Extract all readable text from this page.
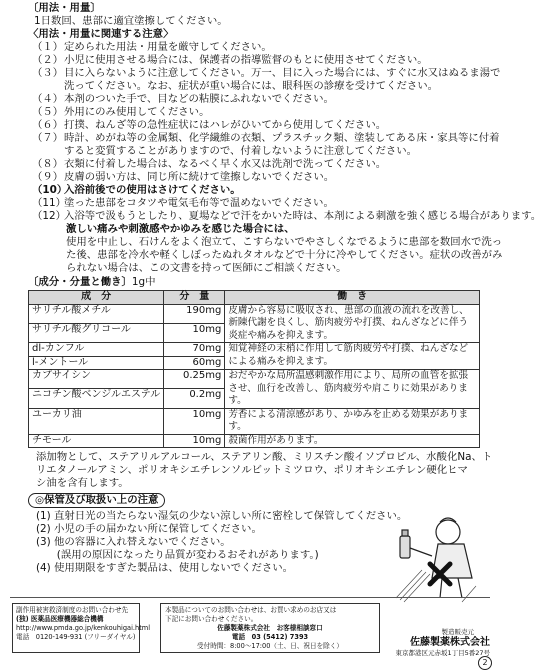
〔用法・用量〕
1日数回、患部に適宜塗擦してください。
〈用法・用量に関連する注意〉
（１）定められた用法・用量を厳守してください。
（２）小児に使用させる場合には、保護者の指導監督のもとに使用させてください。
（３）目に入らないように注意してください。万一、目に入った場合には、すぐに水又はぬるま湯で
洗ってください。なお、症状が重い場合には、眼科医の診療を受けてください。
（４）本剤のついた手で、目などの粘膜にふれないでください。
（５）外用にのみ使用してください。
（６）打撲、ねんざ等の急性症状にはハレがひいてから使用してください。
（７）時計、めがね等の金属類、化学繊維の衣類、プラスチック類、塗装してある床・家具等に付着
すると変質することがありますので、付着しないように注意してください。
（８）衣類に付着した場合は、なるべく早く水又は洗剤で洗ってください。
（９）皮膚の弱い方は、同じ所に続けて塗擦しないでください。
（10）入浴前後での使用はさけてください。
（11）塗った患部をコタツや電気毛布等で温めないでください。
（12）入浴等で汲もうとしたり、夏場などで汗をかいた時は、本剤による刺激を強く感じる場合があります。
激しい痛みや刺激感やかゆみを感じた場合には、
使用を中止し、石けんをよく泡立て、こすらないでやさしくなでるように患部を数回水で洗っ
た後、患部を冷水や軽くしぼったぬれタオルなどで十分に冷やしてください。症状の改善がみ
られない場合は、この文書を持って医師にご相談ください。
〔成分・分量と働き〕1g中
成　分	分　量	働　き
サリチル酸メチル	190mg	皮膚から容易に吸収され、患部の血液の流れを改善し、新陳代謝を良くし、筋肉疲労や打撲、ねんざなどに伴う炎症や痛みを抑えます。
サリチル酸グリコール	10mg	
dl-カンフル	70mg	知覚神経の末梢に作用して筋肉疲労や打撲、ねんざなどによる痛みを抑えます。
l-メントール	60mg	
カプサイシン	0.25mg	おだやかな局所温感刺激作用により、局所の血管を拡張させ、血行を改善し、筋肉疲労や肩こりに効果があります。
ニコチン酸ベンジルエステル	0.2mg	
ユーカリ油	10mg	芳香による清涼感があり、かゆみを止める効果があります。
チモール	10mg	殺菌作用があります。
添加物として、ステアリルアルコール、ステアリン酸、ミリスチン酸イソプロピル、水酸化Na、ト
リエタノールアミン、ポリオキシエチレンソルビットミツロウ、ポリオキシエチレン硬化ヒマ
シ油を含有します。
◎保管及び取扱い上の注意
(1) 直射日光の当たらない湿気の少ない涼しい所に密栓して保管してください。
(2) 小児の手の届かない所に保管してください。
(3) 他の容器に入れ替えないでください。
　　(誤用の原因になったり品質が変わるおそれがあります。)
(4) 使用期限をすぎた製品は、使用しないでください。
副作用被害救済制度のお問い合わせ先
(独) 医薬品医療機器総合機構
http://www.pmda.go.jp/kenkouhigai.html
電話　0120-149-931 (フリーダイヤル)
本製品についてのお問い合わせは、お買い求めのお店又は
下記にお問い合わせください。
佐藤製薬株式会社　お客様相談窓口
電話　03 (5412) 7393
受付時間：8:00～17:00（土、日、祝日を除く）
製造販売元
佐藤製薬株式会社
東京都港区元赤坂1丁目5番27号
2
